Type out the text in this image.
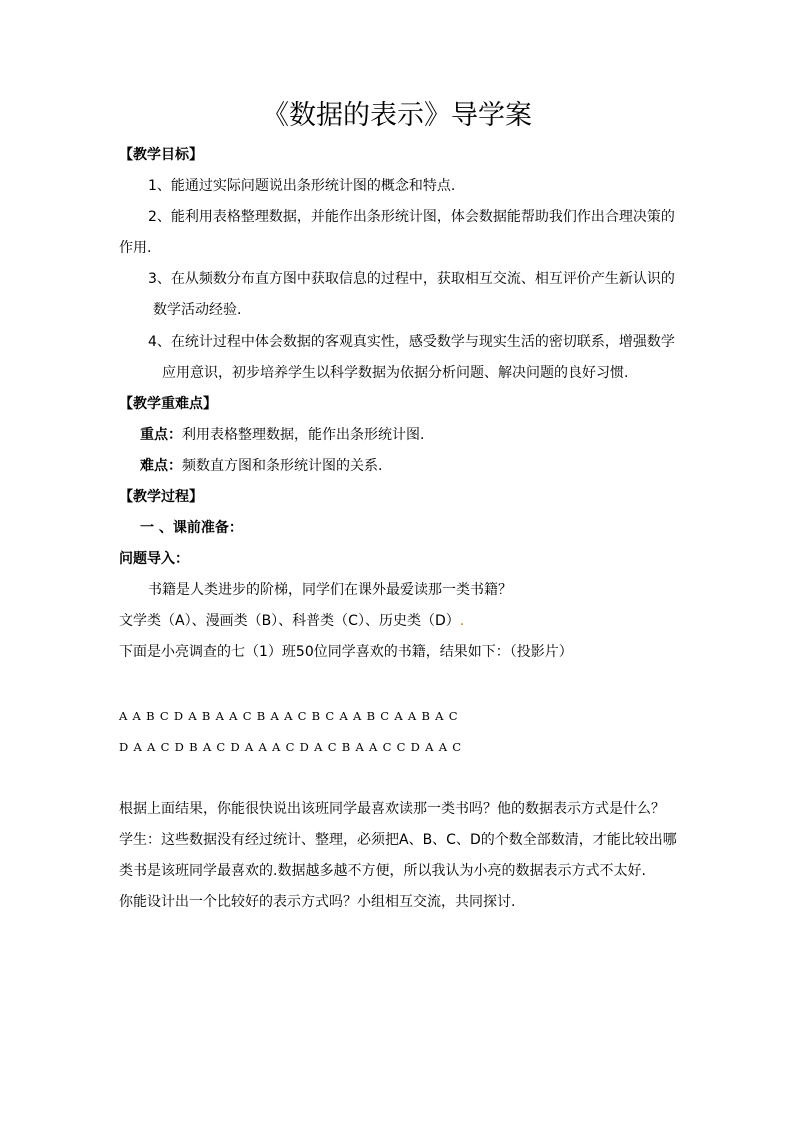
《数据的表示》导学案
【教学目标】
1、能通过实际问题说出条形统计图的概念和特点.
2、能利用表格整理数据，并能作出条形统计图，体会数据能帮助我们作出合理决策的
作用.
3、在从频数分布直方图中获取信息的过程中，获取相互交流、相互评价产生新认识的
数学活动经验.
4、在统计过程中体会数据的客观真实性，感受数学与现实生活的密切联系，增强数学
应用意识，初步培养学生以科学数据为依据分析问题、解决问题的良好习惯.
【教学重难点】
重点：利用表格整理数据，能作出条形统计图.
难点：频数直方图和条形统计图的关系.
【教学过程】
一 、课前准备：
问题导入：
书籍是人类进步的阶梯，同学们在课外最爱读那一类书籍？
文学类（A）、漫画类（B）、科普类（C）、历史类（D）.
下面是小亮调查的七（1）班50位同学喜欢的书籍，结果如下：（投影片）
A A B C D A B A A C B A A C B C A A B C A A B A C
D A A C D B A C D A A A C D A C B A A C C D A A C
根据上面结果，你能很快说出该班同学最喜欢读那一类书吗？他的数据表示方式是什么？
学生：这些数据没有经过统计、整理，必须把A、B、C、D的个数全部数清，才能比较出哪
类书是该班同学最喜欢的.数据越多越不方便，所以我认为小亮的数据表示方式不太好.
你能设计出一个比较好的表示方式吗？小组相互交流，共同探讨.
